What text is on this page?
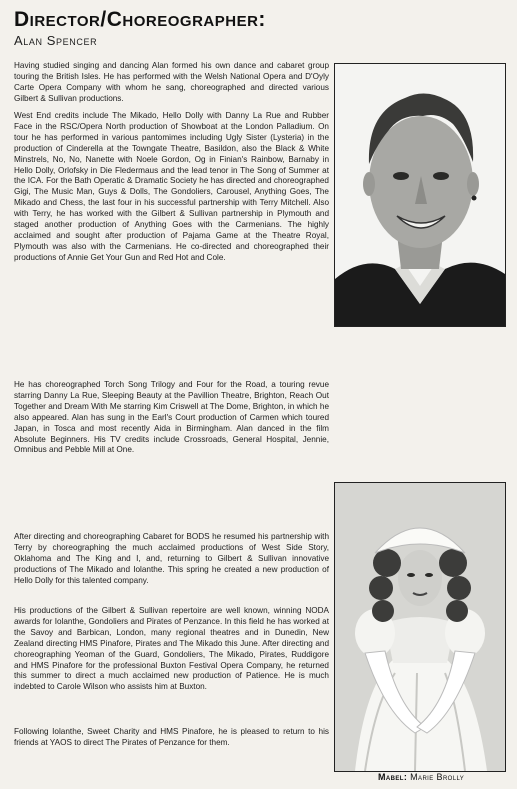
Director/Choreographer:
Alan Spencer

Having studied singing and dancing Alan formed his own dance and cabaret group touring the British Isles. He has performed with the Welsh National Opera and D'Oyly Carte Opera Company with whom he sang, choreographed and directed various Gilbert & Sullivan productions.

West End credits include The Mikado, Hello Dolly with Danny La Rue and Rubber Face in the RSC/Opera North production of Showboat at the London Palladium. On tour he has performed in various pantomimes including Ugly Sister (Lysteria) in the production of Cinderella at the Towngate Theatre, Basildon, also the Black & White Minstrels, No, No, Nanette with Noele Gordon, Og in Finian's Rainbow, Barnaby in Hello Dolly, Orlofsky in Die Fledermaus and the lead tenor in The Song of Summer at the ICA. For the Bath Operatic & Dramatic Society he has directed and choreographed Gigi, The Music Man, Guys & Dolls, The Gondoliers, Carousel, Anything Goes, The Mikado and Chess, the last four in his successful partnership with Terry Mitchell. Also with Terry, he has worked with the Gilbert & Sullivan partnership in Plymouth and staged another production of Anything Goes with the Carmenians. The highly acclaimed and sought after production of Pajama Game at the Theatre Royal, Plymouth was also with the Carmenians. He co-directed and choreographed their productions of Annie Get Your Gun and Red Hot and Cole.

He has choreographed Torch Song Trilogy and Four for the Road, a touring revue starring Danny La Rue, Sleeping Beauty at the Pavillion Theatre, Brighton, Reach Out Together and Dream With Me starring Kim Criswell at The Dome, Brighton, in which he also appeared. Alan has sung in the Earl's Court production of Carmen which toured Japan, in Tosca and most recently Aida in Birmingham. Alan danced in the film Absolute Beginners. His TV credits include Crossroads, General Hospital, Jennie, Omnibus and Pebble Mill at One.

After directing and choreographing Cabaret for BODS he resumed his partnership with Terry by choreographing the much acclaimed productions of West Side Story, Oklahoma and The King and I, and, returning to Gilbert & Sullivan innovative productions of The Mikado and Iolanthe. This spring he created a new production of Hello Dolly for this talented company.

His productions of the Gilbert & Sullivan repertoire are well known, winning NODA awards for Iolanthe, Gondoliers and Pirates of Penzance. In this field he has worked at the Savoy and Barbican, London, many regional theatres and in Dunedin, New Zealand directing HMS Pinafore, Pirates and The Mikado this June. After directing and choreographing Yeoman of the Guard, Gondoliers, The Mikado, Pirates, Ruddigore and HMS Pinafore for the professional Buxton Festival Opera Company, he returned this summer to direct a much acclaimed new production of Patience. He is much indebted to Carole Wilson who assists him at Buxton.

Following Iolanthe, Sweet Charity and HMS Pinafore, he is pleased to return to his friends at YAOS to direct The Pirates of Penzance for them.

Mabel: Marie Brolly
